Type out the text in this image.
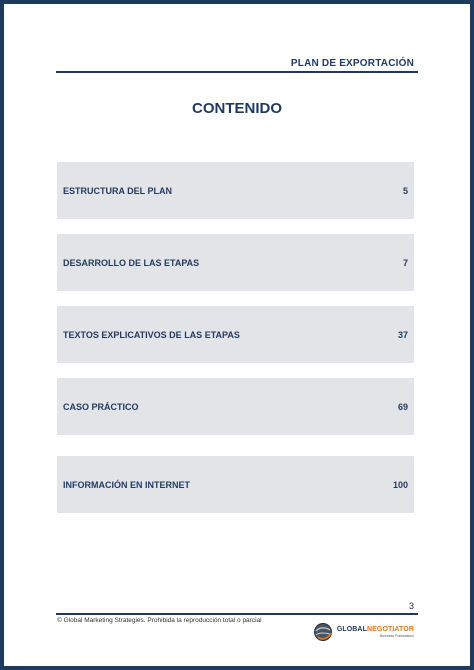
PLAN DE EXPORTACIÓN
CONTENIDO
ESTRUCTURA DEL PLAN	5
DESARROLLO DE LAS ETAPAS	7
TEXTOS EXPLICATIVOS DE LAS ETAPAS	37
CASO PRÁCTICO	69
INFORMACIÓN EN INTERNET	100
3
© Global Marketing Strategies. Prohibida la reproducción total o parcial
GLOBALNEGOTIATOR
Business Publications
